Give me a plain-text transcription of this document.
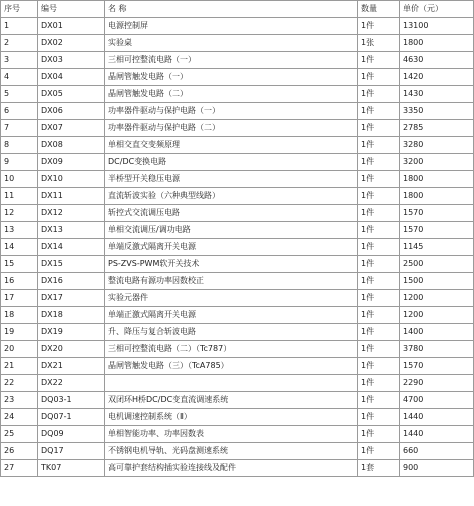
序号	编号	名 称	数量	单价（元）
1	DX01	电源控制屏	1件	13100
2	DX02	实验桌	1张	1800
3	DX03	三相可控整流电路（一）	1件	4630
4	DX04	晶闸管触发电路（一）	1件	1420
5	DX05	晶闸管触发电路（二）	1件	1430
6	DX06	功率器件驱动与保护电路（一）	1件	3350
7	DX07	功率器件驱动与保护电路（二）	1件	2785
8	DX08	单相交直交变频原理	1件	3280
9	DX09	DC/DC变换电路	1件	3200
10	DX10	半桥型开关稳压电源	1件	1800
11	DX11	直流斩波实验（六种典型线路）	1件	1800
12	DX12	斩控式交流调压电路	1件	1570
13	DX13	单相交流调压/调功电路	1件	1570
14	DX14	单端反激式隔离开关电源	1件	1145
15	DX15	PS-ZVS-PWM软开关技术	1件	2500
16	DX16	整流电路有源功率因数校正	1件	1500
17	DX17	实验元器件	1件	1200
18	DX18	单端正激式隔离开关电源	1件	1200
19	DX19	升、降压与复合斩波电路	1件	1400
20	DX20	三相可控整流电路（二）（Tc787）	1件	3780
21	DX21	晶闸管触发电路（三）（TcA785）	1件	1570
22	DX22		1件	2290
23	DQ03-1	双闭环H桥DC/DC变直流调速系统	1件	4700
24	DQ07-1	电机调速控制系统（Ⅱ）	1件	1440
25	DQ09	单相智能功率、功率因数表	1件	1440
26	DQ17	不锈钢电机导轨、光码盘测速系统	1件	660
27	TK07	高可靠护套结构插实验连接线及配件	1套	900
